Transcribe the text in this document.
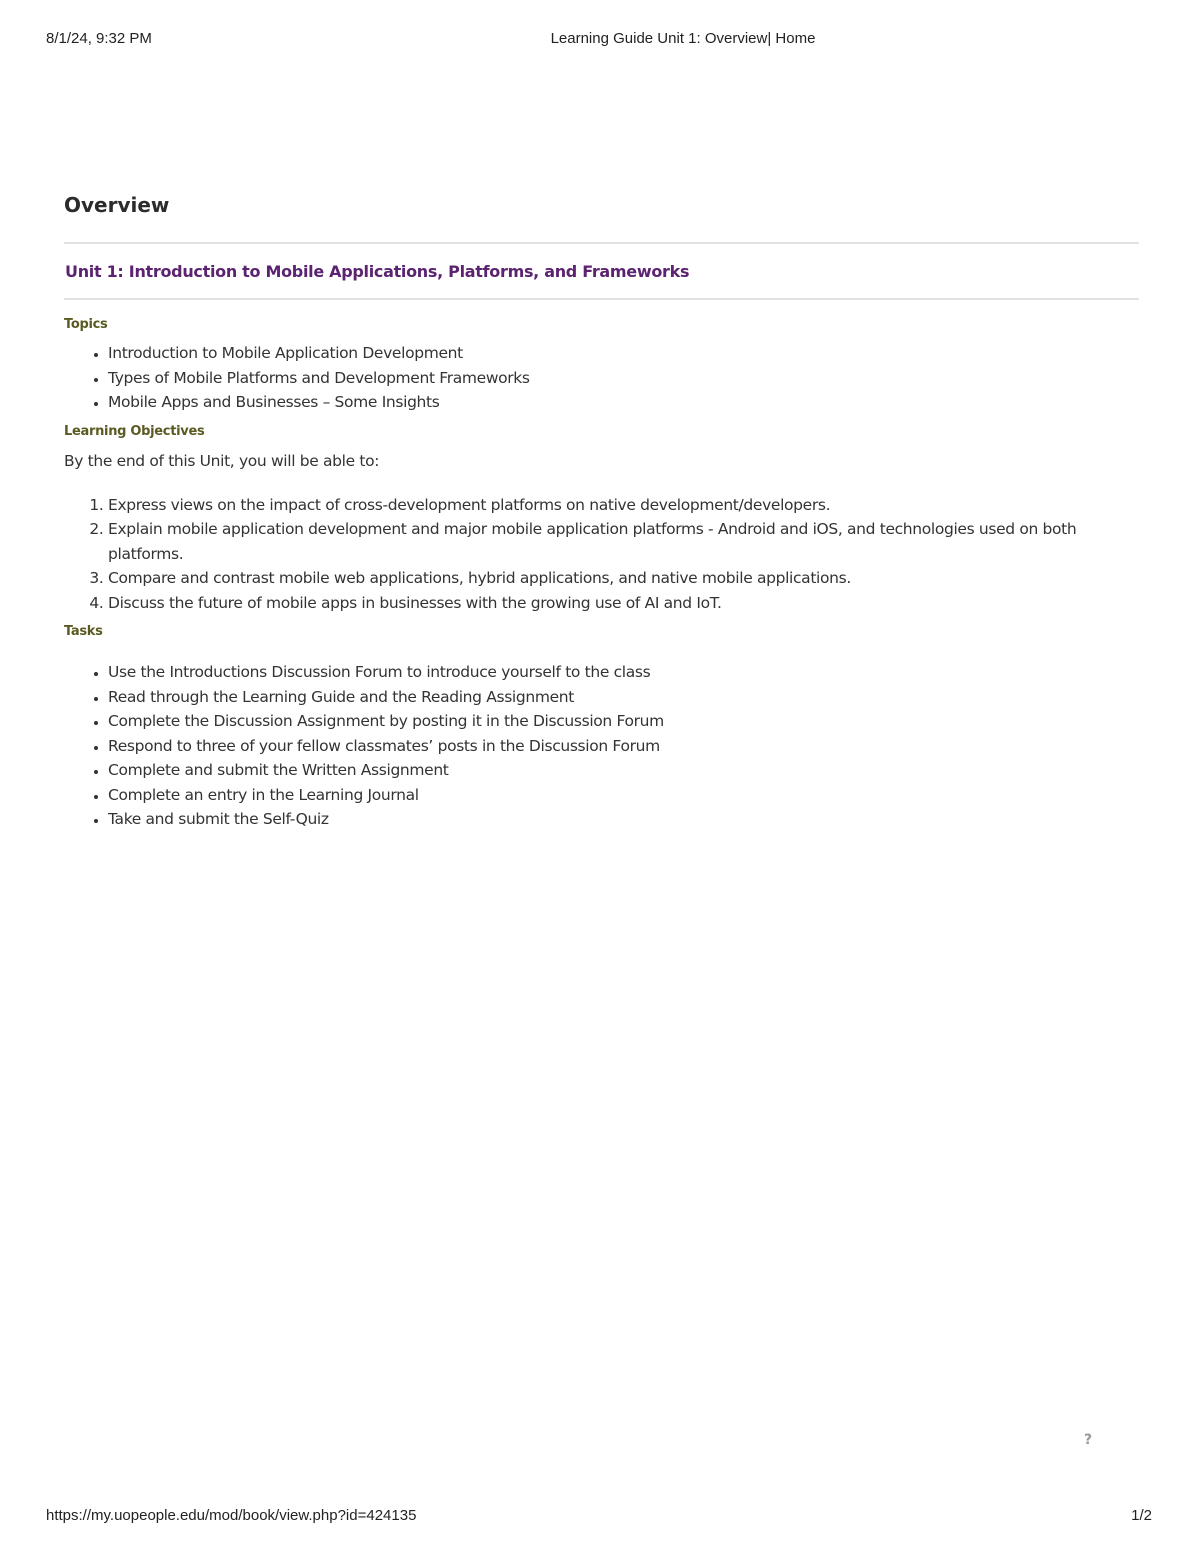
8/1/24, 9:32 PM	Learning Guide Unit 1: Overview| Home
Overview
Unit 1: Introduction to Mobile Applications, Platforms, and Frameworks
Topics
• Introduction to Mobile Application Development
• Types of Mobile Platforms and Development Frameworks
• Mobile Apps and Businesses – Some Insights
Learning Objectives

By the end of this Unit, you will be able to:

1. Express views on the impact of cross-development platforms on native development/developers.
2. Explain mobile application development and major mobile application platforms - Android and iOS, and technologies used on both platforms.
3. Compare and contrast mobile web applications, hybrid applications, and native mobile applications.
4. Discuss the future of mobile apps in businesses with the growing use of AI and IoT.
Tasks
• Use the Introductions Discussion Forum to introduce yourself to the class
• Read through the Learning Guide and the Reading Assignment
• Complete the Discussion Assignment by posting it in the Discussion Forum
• Respond to three of your fellow classmates’ posts in the Discussion Forum
• Complete and submit the Written Assignment
• Complete an entry in the Learning Journal
• Take and submit the Self-Quiz
?
https://my.uopeople.edu/mod/book/view.php?id=424135	1/2
